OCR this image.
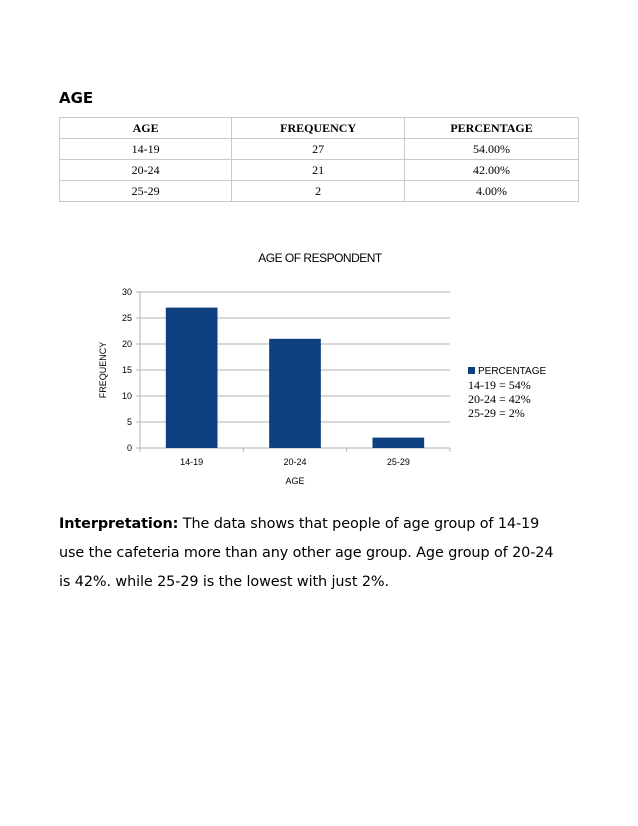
AGE
AGE	FREQUENCY	PERCENTAGE
14-19	27	54.00%
20-24	21	42.00%
25-29	2	4.00%
AGE OF RESPONDENT
0
5
10
15
20
25
30
14-19	20-24	25-29
AGE
FREQUENCY	PERCENTAGE
14-19 = 54%
20-24 = 42%
25-29 = 2%
Interpretation: The data shows that people of age group of 14-19
use the cafeteria more than any other age group. Age group of 20-24
is 42%. while 25-29 is the lowest with just 2%.
